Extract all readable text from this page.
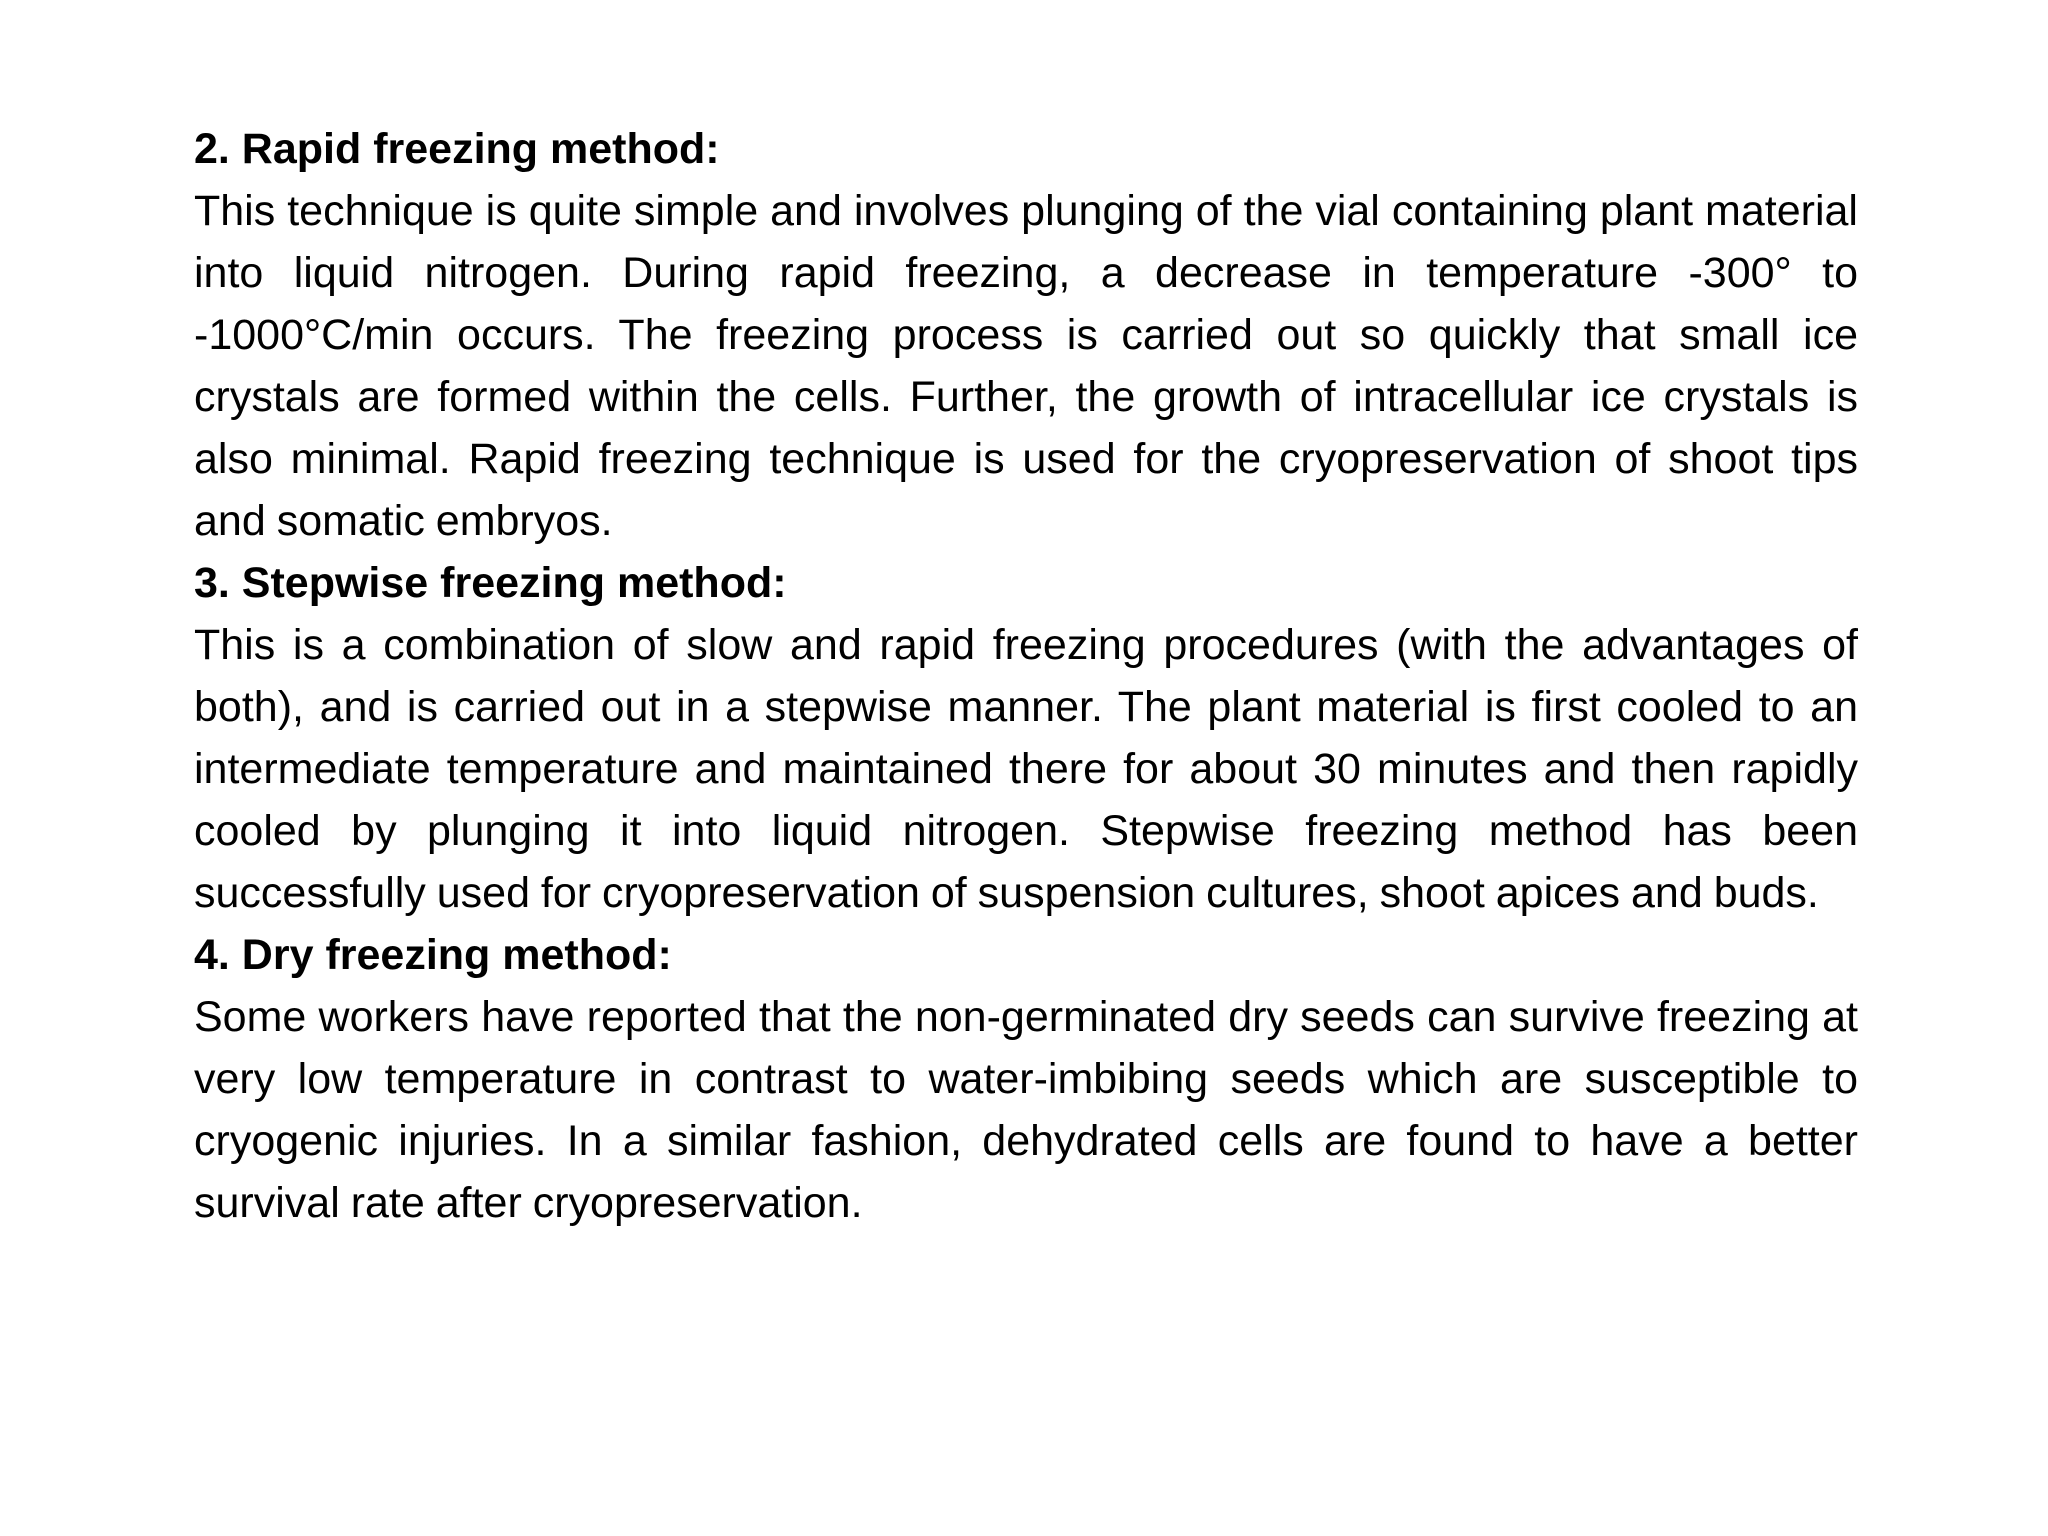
2. Rapid freezing method:

This technique is quite simple and involves plunging of the vial containing plant material into liquid nitrogen. During rapid freezing, a decrease in temperature -300° to -1000°C/min occurs. The freezing process is carried out so quickly that small ice crystals are formed within the cells. Further, the growth of intracellular ice crystals is also minimal. Rapid freezing technique is used for the cryopreservation of shoot tips and somatic embryos.

3. Stepwise freezing method:

This is a combination of slow and rapid freezing procedures (with the advantages of both), and is carried out in a stepwise manner. The plant material is first cooled to an intermediate temperature and maintained there for about 30 minutes and then rapidly cooled by plunging it into liquid nitrogen. Stepwise freezing method has been successfully used for cryopreservation of suspension cultures, shoot apices and buds.

4. Dry freezing method:

Some workers have reported that the non-germinated dry seeds can survive freezing at very low temperature in contrast to water-imbibing seeds which are susceptible to cryogenic injuries. In a similar fashion, dehydrated cells are found to have a better survival rate after cryopreservation.
